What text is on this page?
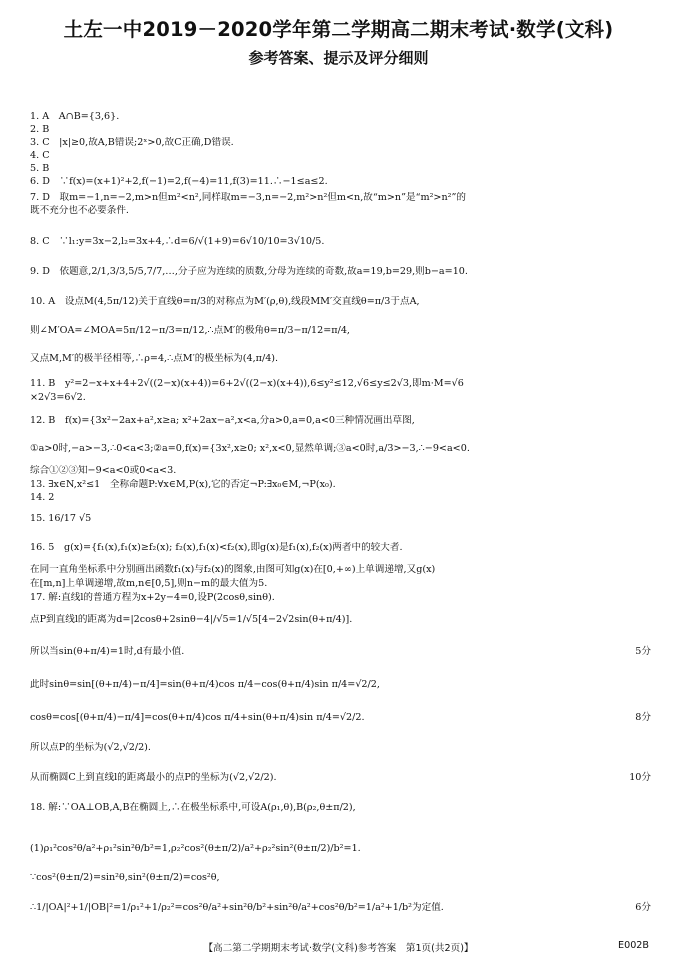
土左一中2019－2020学年第二学期高二期末考试·数学(文科)
参考答案、提示及评分细则
1. A　A∩B={3,6}.
2. B
3. C　|x|≥0,故A,B错误;2ˣ>0,故C正确,D错误.
4. C
5. B
6. D　∵f(x)=(x+1)²+2,f(−1)=2,f(−4)=11,f(3)=11.∴−1≤a≤2.
7. D　取m=−1,n=−2,m>n但m²<n²,同样取m=−3,n=−2,m²>n²但m<n,故“m>n”是“m²>n²”的
既不充分也不必要条件.
8. C　∵l₁:y=3x−2,l₂=3x+4,∴d=6/√(1+9)=6√10/10=3√10/5.
9. D　依题意,2/1,3/3,5/5,7/7,…,分子应为连续的质数,分母为连续的奇数,故a=19,b=29,则b−a=10.
10. A　设点M(4,5π/12)关于直线θ=π/3的对称点为M′(ρ,θ),线段MM′交直线θ=π/3于点A,
则∠M′OA=∠MOA=5π/12−π/3=π/12,∴点M′的极角θ=π/3−π/12=π/4,
又点M,M′的极半径相等,∴ρ=4,∴点M′的极坐标为(4,π/4).
11. B　y²=2−x+x+4+2√((2−x)(x+4))=6+2√((2−x)(x+4)),6≤y²≤12,√6≤y≤2√3,即m·M=√6
×2√3=6√2.
12. B　f(x)={3x²−2ax+a²,x≥a; x²+2ax−a²,x<a,分a>0,a=0,a<0三种情况画出草图,
①a>0时,−a>−3,∴0<a<3;②a=0,f(x)={3x²,x≥0; x²,x<0,显然单调;③a<0时,a/3>−3,∴−9<a<0.
综合①②③知−9<a<0或0<a<3.
13. ∃x∈N,x²≤1　全称命题P:∀x∈M,P(x),它的否定¬P:∃x₀∈M,¬P(x₀).
14. 2
15. 16/17 √5
16. 5　g(x)={f₁(x),f₁(x)≥f₂(x); f₂(x),f₁(x)<f₂(x),即g(x)是f₁(x),f₂(x)两者中的较大者.
在同一直角坐标系中分别画出函数f₁(x)与f₂(x)的图象,由图可知g(x)在[0,+∞)上单调递增,又g(x)
在[m,n]上单调递增,故m,n∈[0,5],则n−m的最大值为5.
17. 解:直线l的普通方程为x+2y−4=0,设P(2cosθ,sinθ).
点P到直线l的距离为d=|2cosθ+2sinθ−4|/√5=1/√5[4−2√2sin(θ+π/4)].
所以当sin(θ+π/4)=1时,d有最小值.	5分
此时sinθ=sin[(θ+π/4)−π/4]=sin(θ+π/4)cos π/4−cos(θ+π/4)sin π/4=√2/2,
cosθ=cos[(θ+π/4)−π/4]=cos(θ+π/4)cos π/4+sin(θ+π/4)sin π/4=√2/2.	8分
所以点P的坐标为(√2,√2/2).
从而椭圆C上到直线l的距离最小的点P的坐标为(√2,√2/2).	10分
18. 解:∵OA⊥OB,A,B在椭圆上,∴在极坐标系中,可设A(ρ₁,θ),B(ρ₂,θ±π/2),
(1)ρ₁²cos²θ/a²+ρ₁²sin²θ/b²=1,ρ₂²cos²(θ±π/2)/a²+ρ₂²sin²(θ±π/2)/b²=1.
∵cos²(θ±π/2)=sin²θ,sin²(θ±π/2)=cos²θ,
∴1/|OA|²+1/|OB|²=1/ρ₁²+1/ρ₂²=cos²θ/a²+sin²θ/b²+sin²θ/a²+cos²θ/b²=1/a²+1/b²为定值.	6分
【高二第二学期期末考试·数学(文科)参考答案　第1页(共2页)】	E002B
